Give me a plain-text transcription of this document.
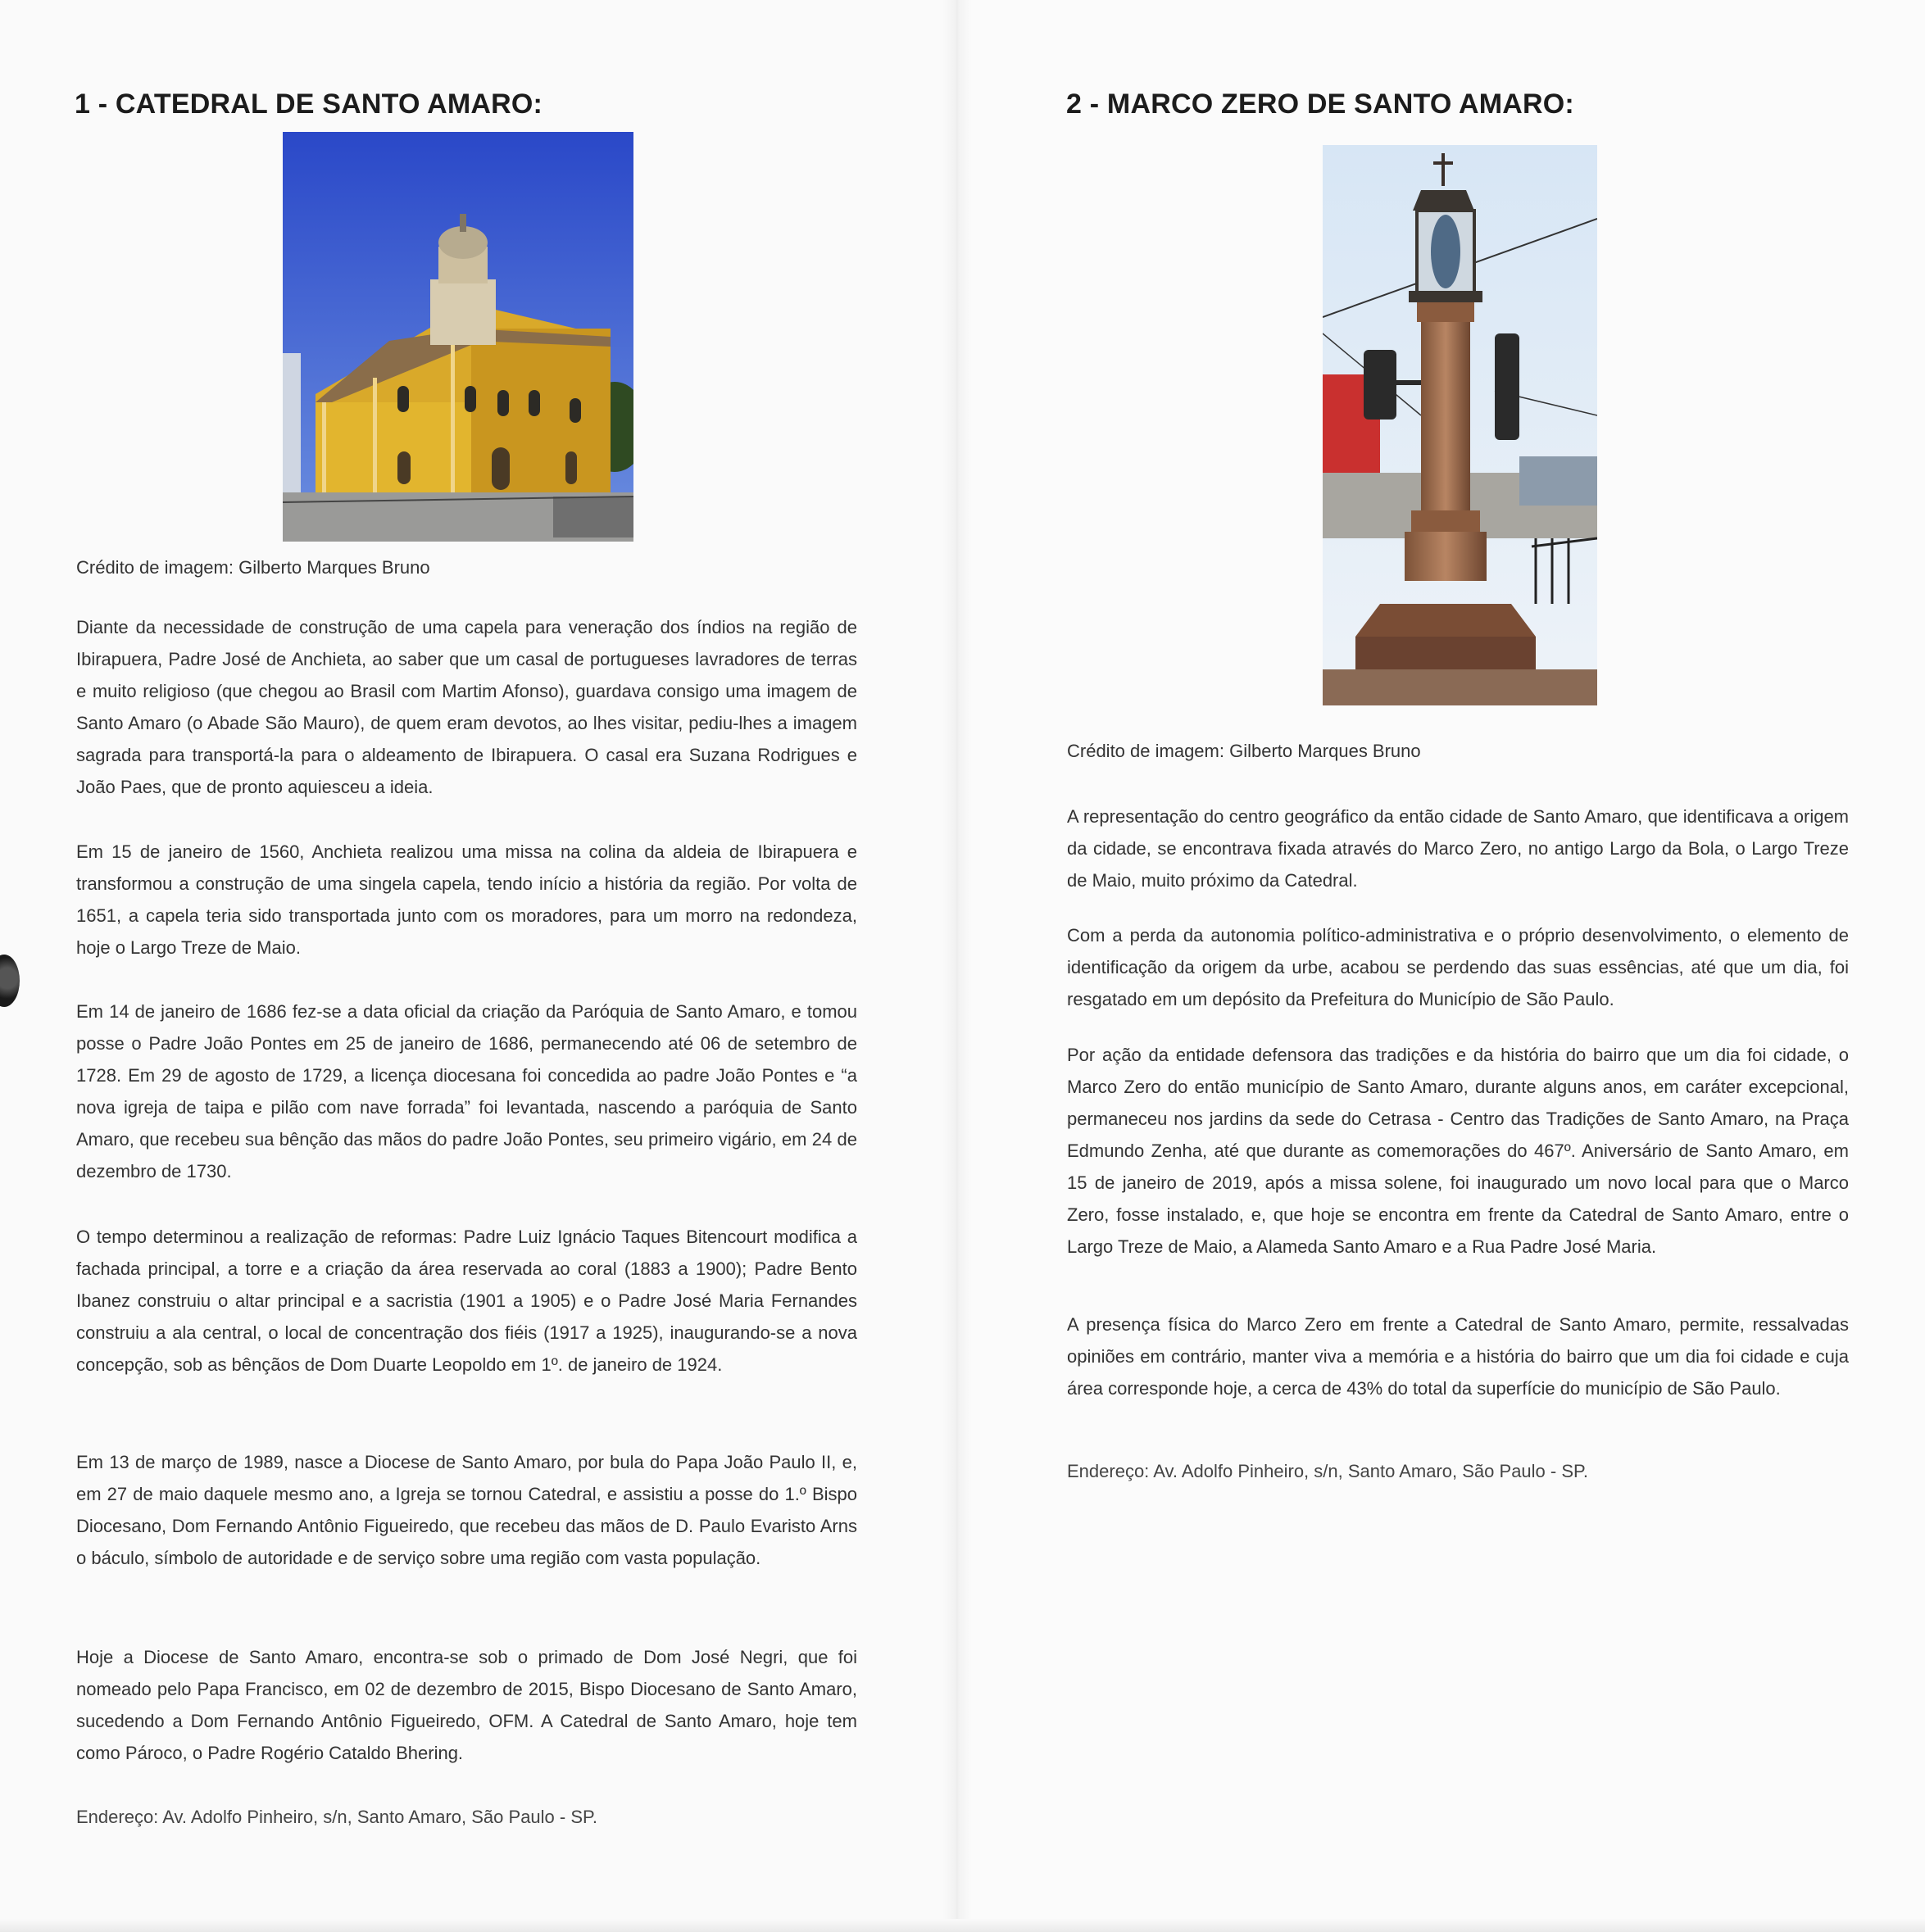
1 - CATEDRAL DE SANTO AMARO:

Crédito de imagem: Gilberto Marques Bruno

Diante da necessidade de construção de uma capela para veneração dos índios na região de Ibirapuera, Padre José de Anchieta, ao saber que um casal de portugueses lavradores de terras e muito religioso (que chegou ao Brasil com Martim Afonso), guardava consigo uma imagem de Santo Amaro (o Abade São Mauro), de quem eram devotos, ao lhes visitar, pediu-lhes a imagem sagrada para transportá-la para o aldeamento de Ibirapuera. O casal era Suzana Rodrigues e João Paes, que de pronto aquiesceu a ideia.

Em 15 de janeiro de 1560, Anchieta realizou uma missa na colina da aldeia de Ibirapuera e transformou a construção de uma singela capela, tendo início a história da região. Por volta de 1651, a capela teria sido transportada junto com os moradores, para um morro na redondeza, hoje o Largo Treze de Maio.

Em 14 de janeiro de 1686 fez-se a data oficial da criação da Paróquia de Santo Amaro, e tomou posse o Padre João Pontes em 25 de janeiro de 1686, permanecendo até 06 de setembro de 1728. Em 29 de agosto de 1729, a licença diocesana foi concedida ao padre João Pontes e “a nova igreja de taipa e pilão com nave forrada” foi levantada, nascendo a paróquia de Santo Amaro, que recebeu sua bênção das mãos do padre João Pontes, seu primeiro vigário, em 24 de dezembro de 1730.

O tempo determinou a realização de reformas: Padre Luiz Ignácio Taques Bitencourt modifica a fachada principal, a torre e a criação da área reservada ao coral (1883 a 1900); Padre Bento Ibanez construiu o altar principal e a sacristia (1901 a 1905) e o Padre José Maria Fernandes construiu a ala central, o local de concentração dos fiéis (1917 a 1925), inaugurando-se a nova concepção, sob as bênçãos de Dom Duarte Leopoldo em 1º. de janeiro de 1924.

Em 13 de março de 1989, nasce a Diocese de Santo Amaro, por bula do Papa João Paulo II, e, em 27 de maio daquele mesmo ano, a Igreja se tornou Catedral, e assistiu a posse do 1.º Bispo Diocesano, Dom Fernando Antônio Figueiredo, que recebeu das mãos de D. Paulo Evaristo Arns o báculo, símbolo de autoridade e de serviço sobre uma região com vasta população.

Hoje a Diocese de Santo Amaro, encontra-se sob o primado de Dom José Negri, que foi nomeado pelo Papa Francisco, em 02 de dezembro de 2015, Bispo Diocesano de Santo Amaro, sucedendo a Dom Fernando Antônio Figueiredo, OFM. A Catedral de Santo Amaro, hoje tem como Pároco, o Padre Rogério Cataldo Bhering.

Endereço: Av. Adolfo Pinheiro, s/n, Santo Amaro, São Paulo - SP.

2 - MARCO ZERO DE SANTO AMARO:

Crédito de imagem: Gilberto Marques Bruno

A representação do centro geográfico da então cidade de Santo Amaro, que identificava a origem da cidade, se encontrava fixada através do Marco Zero, no antigo Largo da Bola, o Largo Treze de Maio, muito próximo da Catedral.

Com a perda da autonomia político-administrativa e o próprio desenvolvimento, o elemento de identificação da origem da urbe, acabou se perdendo das suas essências, até que um dia, foi resgatado em um depósito da Prefeitura do Município de São Paulo.

Por ação da entidade defensora das tradições e da história do bairro que um dia foi cidade, o Marco Zero do então município de Santo Amaro, durante alguns anos, em caráter excepcional, permaneceu nos jardins da sede do Cetrasa - Centro das Tradições de Santo Amaro, na Praça Edmundo Zenha, até que durante as comemorações do 467º. Aniversário de Santo Amaro, em 15 de janeiro de 2019, após a missa solene, foi inaugurado um novo local para que o Marco Zero, fosse instalado, e, que hoje se encontra em frente da Catedral de Santo Amaro, entre o Largo Treze de Maio, a Alameda Santo Amaro e a Rua Padre José Maria.

A presença física do Marco Zero em frente a Catedral de Santo Amaro, permite, ressalvadas opiniões em contrário, manter viva a memória e a história do bairro que um dia foi cidade e cuja área corresponde hoje, a cerca de 43% do total da superfície do município de São Paulo.

Endereço: Av. Adolfo Pinheiro, s/n, Santo Amaro, São Paulo - SP.
